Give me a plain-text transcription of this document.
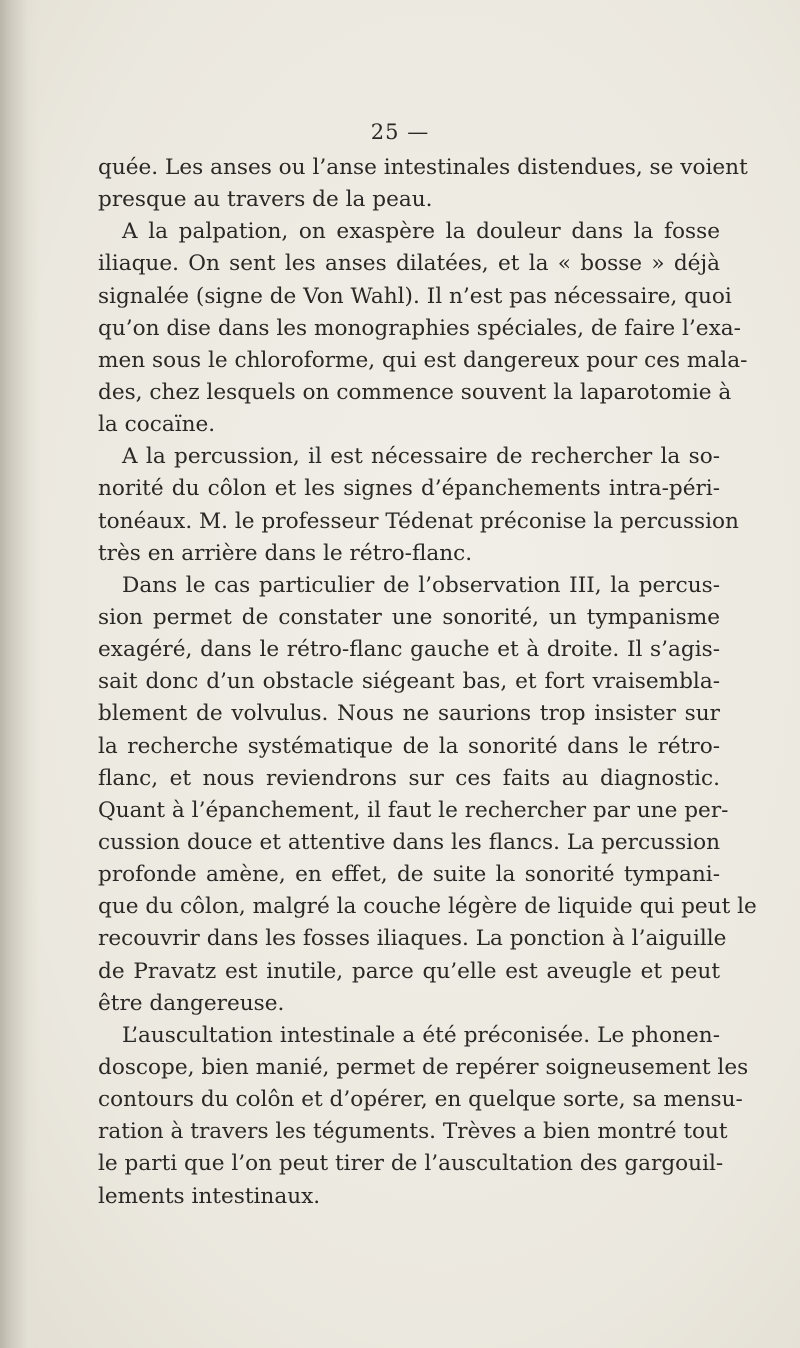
25 —
quée. Les anses ou l’anse intestinales distendues, se voient
presque au travers de la peau.
A la palpation, on exaspère la douleur dans la fosse
iliaque. On sent les anses dilatées, et la « bosse » déjà
signalée (signe de Von Wahl). Il n’est pas nécessaire, quoi
qu’on dise dans les monographies spéciales, de faire l’exa-
men sous le chloroforme, qui est dangereux pour ces mala-
des, chez lesquels on commence souvent la laparotomie à
la cocaïne.
A la percussion, il est nécessaire de rechercher la so-
norité du côlon et les signes d’épanchements intra-péri-
tonéaux. M. le professeur Tédenat préconise la percussion
très en arrière dans le rétro-flanc.
Dans le cas particulier de l’observation III, la percus-
sion permet de constater une sonorité, un tympanisme
exagéré, dans le rétro-flanc gauche et à droite. Il s’agis-
sait donc d’un obstacle siégeant bas, et fort vraisembla-
blement de volvulus. Nous ne saurions trop insister sur
la recherche systématique de la sonorité dans le rétro-
flanc, et nous reviendrons sur ces faits au diagnostic.
Quant à l’épanchement, il faut le rechercher par une per-
cussion douce et attentive dans les flancs. La percussion
profonde amène, en effet, de suite la sonorité tympani-
que du côlon, malgré la couche légère de liquide qui peut le
recouvrir dans les fosses iliaques. La ponction à l’aiguille
de Pravatz est inutile, parce qu’elle est aveugle et peut
être dangereuse.
L’auscultation intestinale a été préconisée. Le phonen-
doscope, bien manié, permet de repérer soigneusement les
contours du colôn et d’opérer, en quelque sorte, sa mensu-
ration à travers les téguments. Trèves a bien montré tout
le parti que l’on peut tirer de l’auscultation des gargouil-
lements intestinaux.
